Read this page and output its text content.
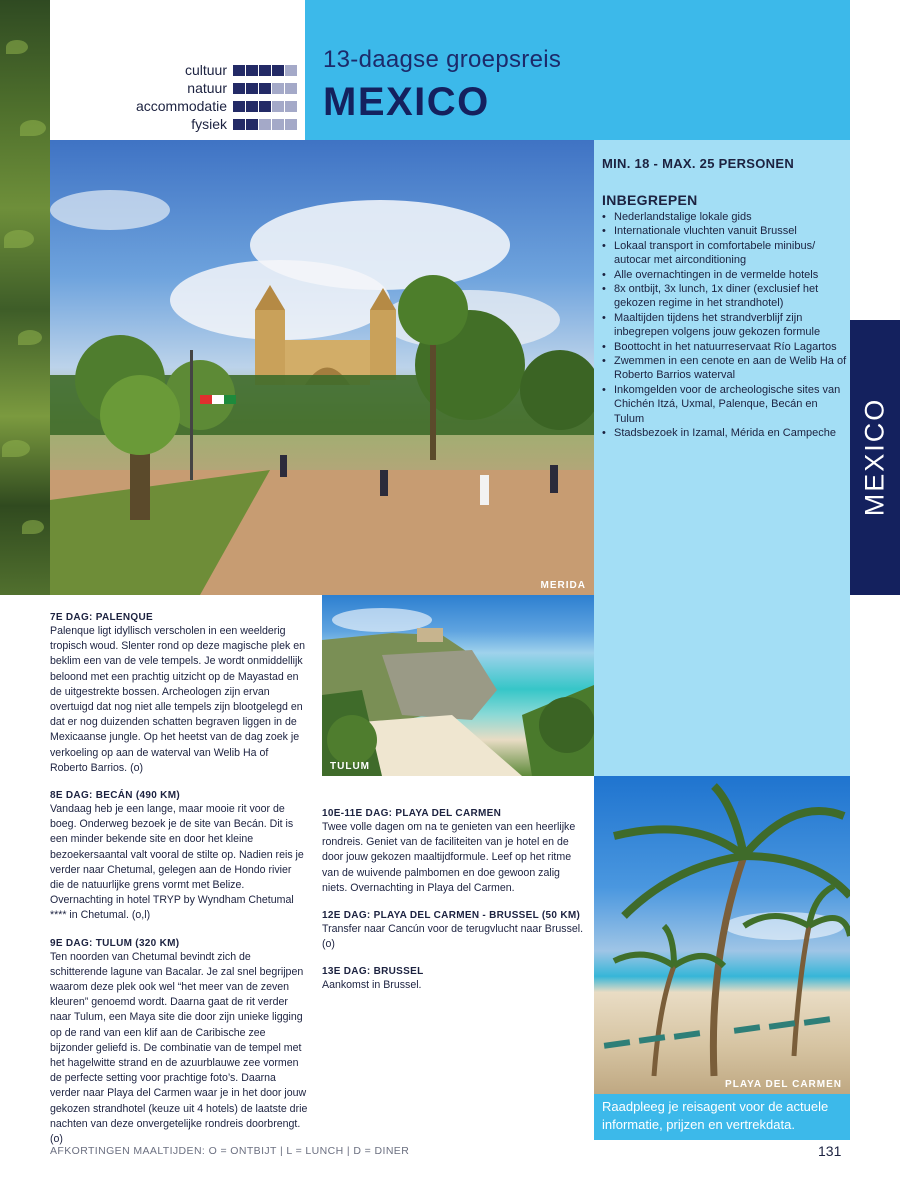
cultuur
natuur
accommodatie
fysiek
13-daagse groepsreis
MEXICO
MERIDA
MIN. 18 - MAX. 25 PERSONEN
INBEGREPEN
• Nederlandstalige lokale gids
• Internationale vluchten vanuit Brussel
• Lokaal transport in comfortabele minibus/ autocar met airconditioning
• Alle overnachtingen in de vermelde hotels
• 8x ontbijt, 3x lunch, 1x diner (exclusief het gekozen regime in het strandhotel)
• Maaltijden tijdens het strandverblijf zijn inbegrepen volgens jouw gekozen formule
• Boottocht in het natuurreservaat Río Lagartos
• Zwemmen in een cenote en aan de Welib Ha of Roberto Barrios waterval
• Inkomgelden voor de archeologische sites van Chichén Itzá, Uxmal, Palenque, Becán en Tulum
• Stadsbezoek in Izamal, Mérida en Campeche MEXICO
TULUM
PLAYA DEL CARMEN
Raadpleeg je reisagent voor de actuele informatie, prijzen en vertrekdata.
7E DAG: PALENQUE
Palenque ligt idyllisch verscholen in een weelderig tropisch woud. Slenter rond op deze magische plek en beklim een van de vele tempels. Je wordt onmiddellijk beloond met een prachtig uitzicht op de Mayastad en de uitgestrekte bossen. Archeologen zijn ervan overtuigd dat nog niet alle tempels zijn blootgelegd en dat er nog duizenden schatten begraven liggen in de Mexicaanse jungle. Op het heetst van de dag zoek je verkoeling op aan de waterval van Welib Ha of Roberto Barrios. (o)
8E DAG: BECÁN (490 KM)
Vandaag heb je een lange, maar mooie rit voor de boeg. Onderweg bezoek je de site van Becán. Dit is een minder bekende site en door het kleine bezoekersaantal valt vooral de stilte op. Nadien reis je verder naar Chetumal, gelegen aan de Hondo rivier die de natuurlijke grens vormt met Belize. Overnachting in hotel TRYP by Wyndham Chetumal **** in Chetumal. (o,l)
9E DAG: TULUM (320 KM)
Ten noorden van Chetumal bevindt zich de schitterende lagune van Bacalar. Je zal snel begrijpen waarom deze plek ook wel “het meer van de zeven kleuren” genoemd wordt. Daarna gaat de rit verder naar Tulum, een Maya site die door zijn unieke ligging op de rand van een klif aan de Caribische zee bijzonder geliefd is. De combinatie van de tempel met het hagelwitte strand en de azuurblauwe zee vormen de perfecte setting voor prachtige foto’s. Daarna verder naar Playa del Carmen waar je in het door jouw gekozen strandhotel (keuze uit 4 hotels) de laatste drie nachten van deze onvergetelijke rondreis doorbrengt. (o)
10E-11E DAG: PLAYA DEL CARMEN
Twee volle dagen om na te genieten van een heerlijke rondreis. Geniet van de faciliteiten van je hotel en de door jouw gekozen maaltijdformule. Leef op het ritme van de wuivende palmbomen en doe gewoon zalig niets. Overnachting in Playa del Carmen.
12E DAG: PLAYA DEL CARMEN - BRUSSEL (50 KM)
Transfer naar Cancún voor de terugvlucht naar Brussel. (o)
13E DAG: BRUSSEL
Aankomst in Brussel.
AFKORTINGEN MAALTIJDEN: O = ONTBIJT | L = LUNCH | D = DINER	131
